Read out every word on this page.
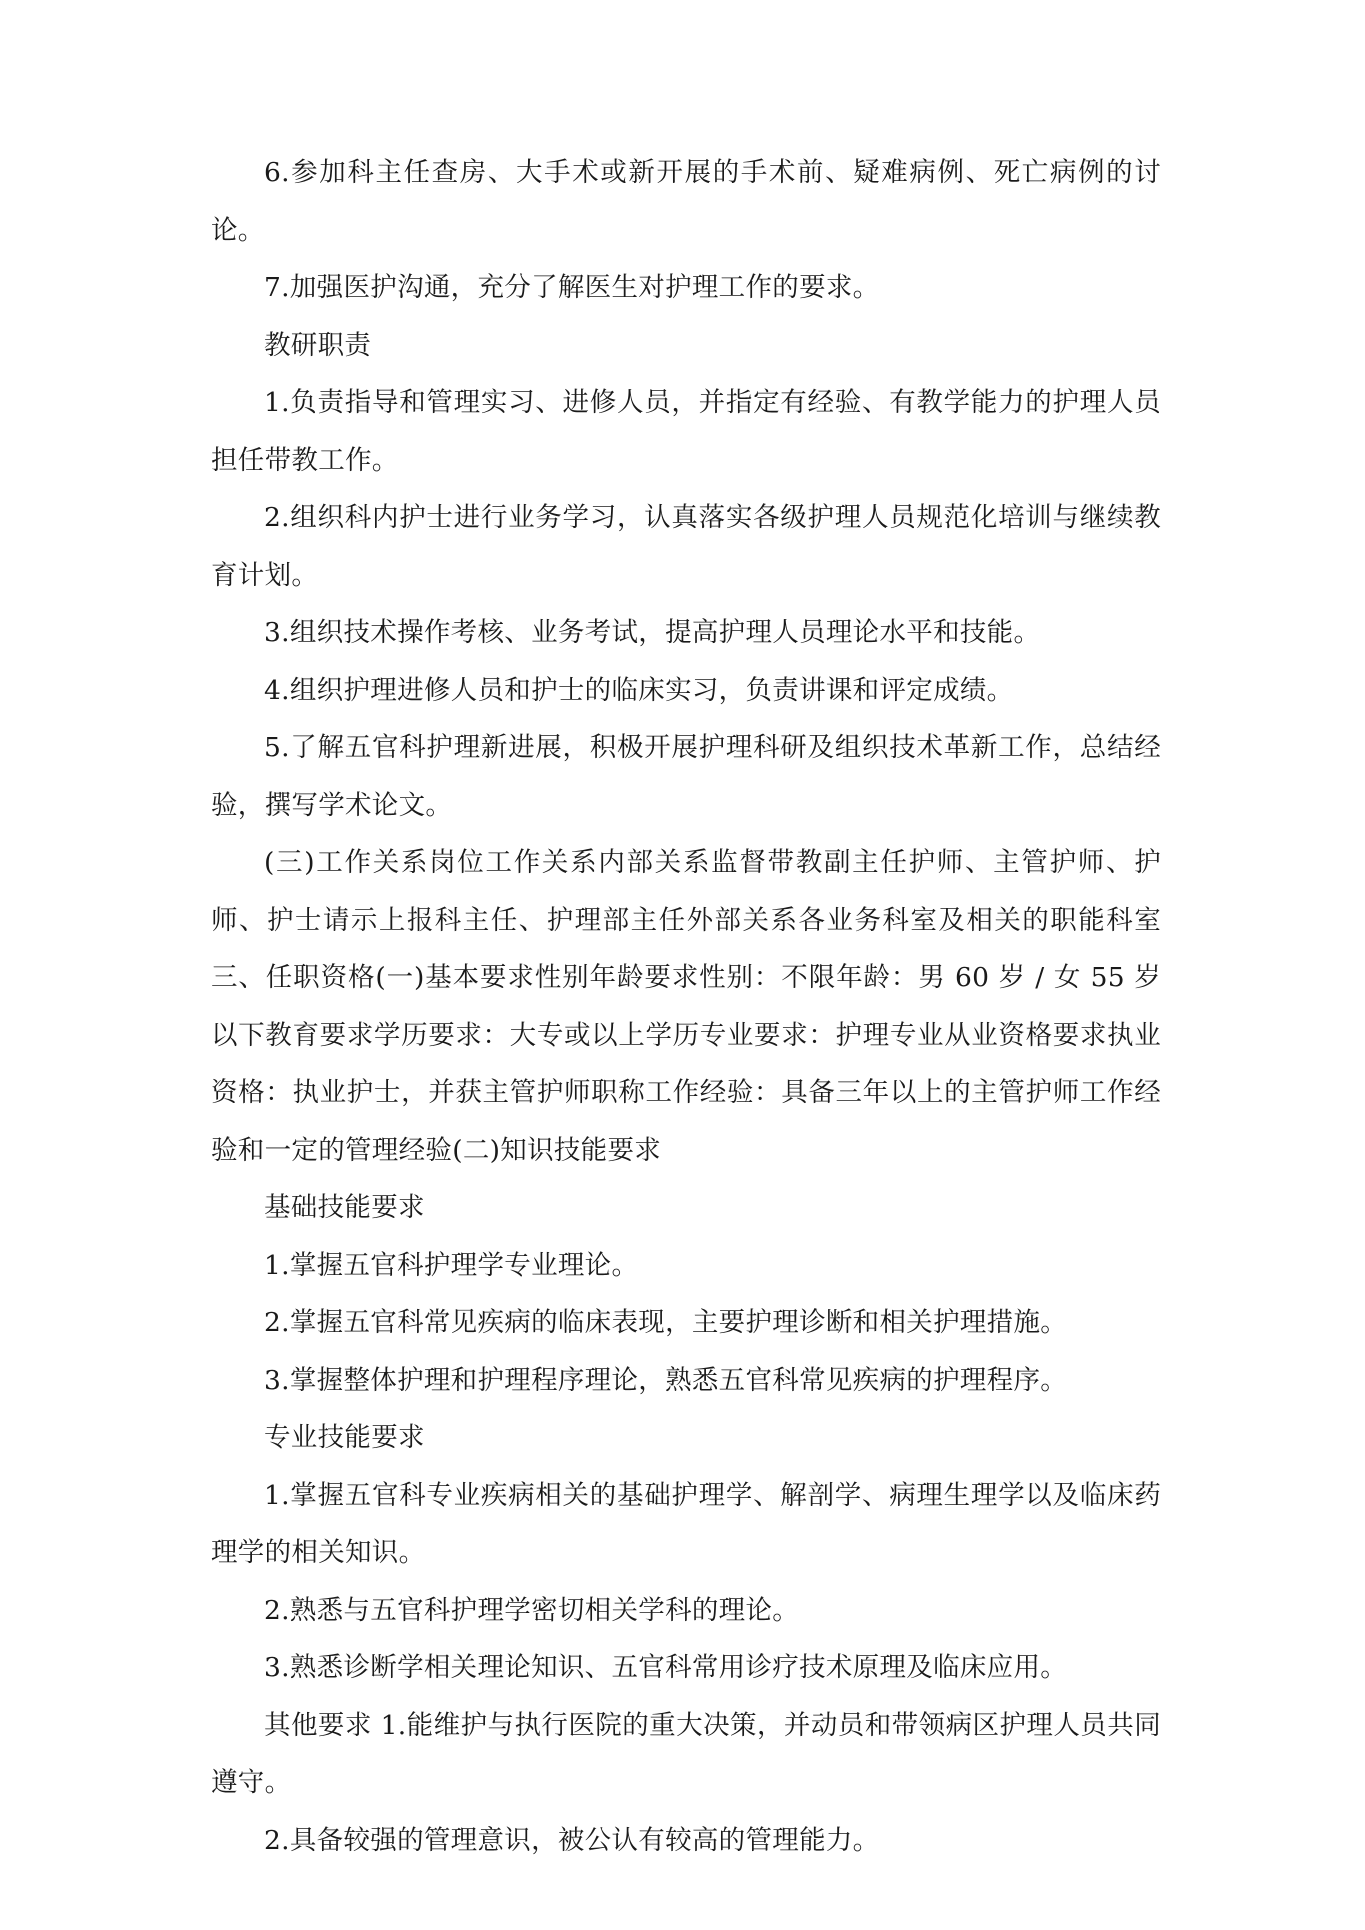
6.参加科主任查房、大手术或新开展的手术前、疑难病例、死亡病例的讨论。

7.加强医护沟通，充分了解医生对护理工作的要求。

教研职责

1.负责指导和管理实习、进修人员，并指定有经验、有教学能力的护理人员担任带教工作。

2.组织科内护士进行业务学习，认真落实各级护理人员规范化培训与继续教育计划。

3.组织技术操作考核、业务考试，提高护理人员理论水平和技能。

4.组织护理进修人员和护士的临床实习，负责讲课和评定成绩。

5.了解五官科护理新进展，积极开展护理科研及组织技术革新工作，总结经验，撰写学术论文。

(三)工作关系岗位工作关系内部关系监督带教副主任护师、主管护师、护师、护士请示上报科主任、护理部主任外部关系各业务科室及相关的职能科室三、任职资格(一)基本要求性别年龄要求性别：不限年龄：男 60 岁 / 女 55 岁以下教育要求学历要求：大专或以上学历专业要求：护理专业从业资格要求执业资格：执业护士，并获主管护师职称工作经验：具备三年以上的主管护师工作经验和一定的管理经验(二)知识技能要求

基础技能要求

1.掌握五官科护理学专业理论。

2.掌握五官科常见疾病的临床表现，主要护理诊断和相关护理措施。

3.掌握整体护理和护理程序理论，熟悉五官科常见疾病的护理程序。

专业技能要求

1.掌握五官科专业疾病相关的基础护理学、解剖学、病理生理学以及临床药理学的相关知识。

2.熟悉与五官科护理学密切相关学科的理论。

3.熟悉诊断学相关理论知识、五官科常用诊疗技术原理及临床应用。

其他要求 1.能维护与执行医院的重大决策，并动员和带领病区护理人员共同遵守。

2.具备较强的管理意识，被公认有较高的管理能力。
